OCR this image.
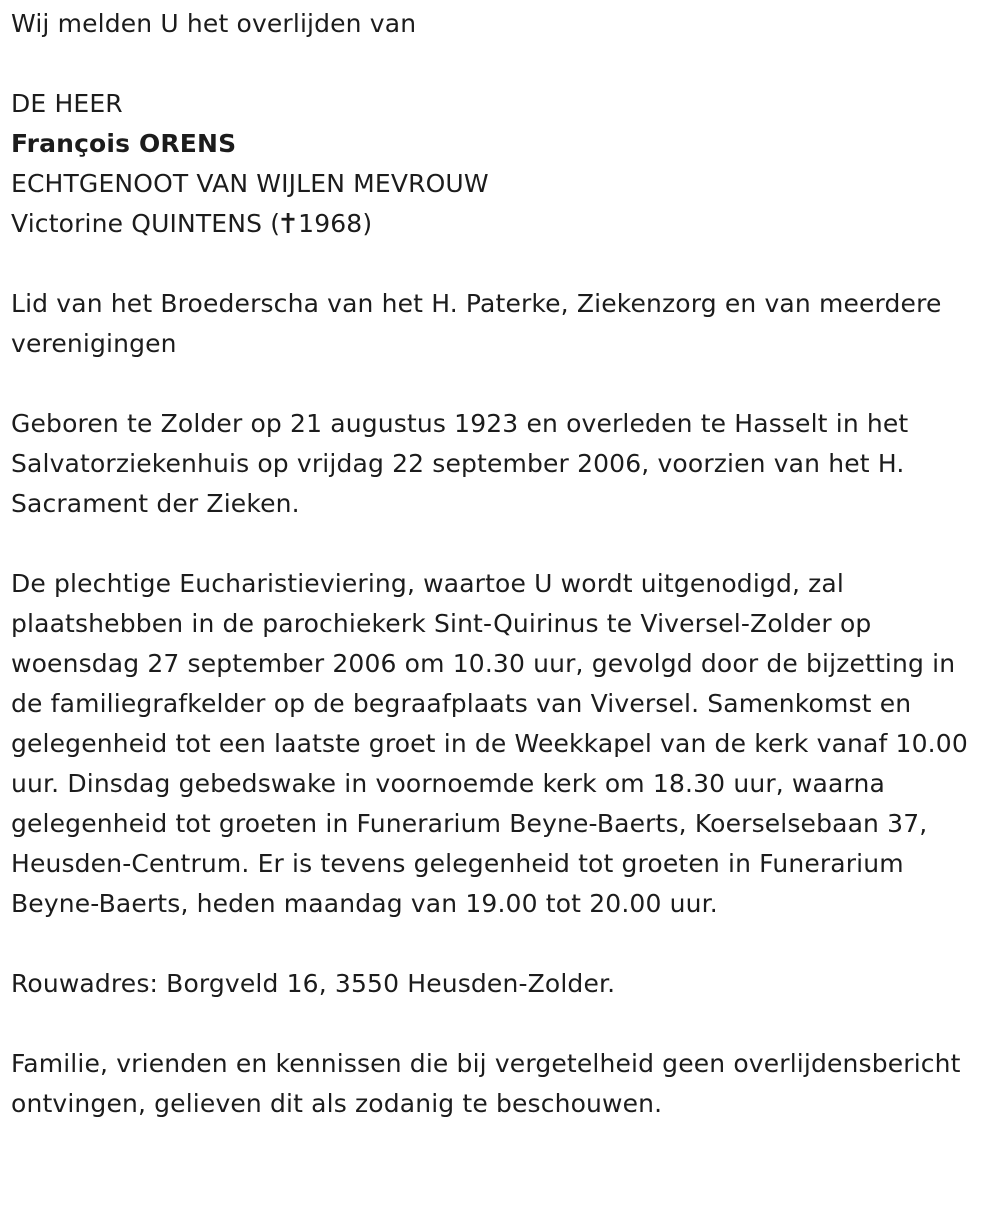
Wij melden U het overlijden van

DE HEER

François ORENS

ECHTGENOOT VAN WIJLEN MEVROUW

Victorine QUINTENS ( 1968)

Lid van het Broederscha van het H. Paterke, Ziekenzorg en van meerdere verenigingen

Geboren te Zolder op 21 augustus 1923 en overleden te Hasselt in het Salvatorziekenhuis op vrijdag 22 september 2006, voorzien van het H. Sacrament der Zieken.

De plechtige Eucharistieviering, waartoe U wordt uitgenodigd, zal plaatshebben in de parochiekerk Sint-Quirinus te Viversel-Zolder op woensdag 27 september 2006 om 10.30 uur, gevolgd door de bijzetting in de familiegrafkelder op de begraafplaats van Viversel. Samenkomst en gelegenheid tot een laatste groet in de Weekkapel van de kerk vanaf 10.00 uur. Dinsdag gebedswake in voornoemde kerk om 18.30 uur, waarna gelegenheid tot groeten in Funerarium Beyne-Baerts, Koerselsebaan 37, Heusden-Centrum. Er is tevens gelegenheid tot groeten in Funerarium Beyne-Baerts, heden maandag van 19.00 tot 20.00 uur.

Rouwadres: Borgveld 16, 3550 Heusden-Zolder.

Familie, vrienden en kennissen die bij vergetelheid geen overlijdensbericht ontvingen, gelieven dit als zodanig te beschouwen.
